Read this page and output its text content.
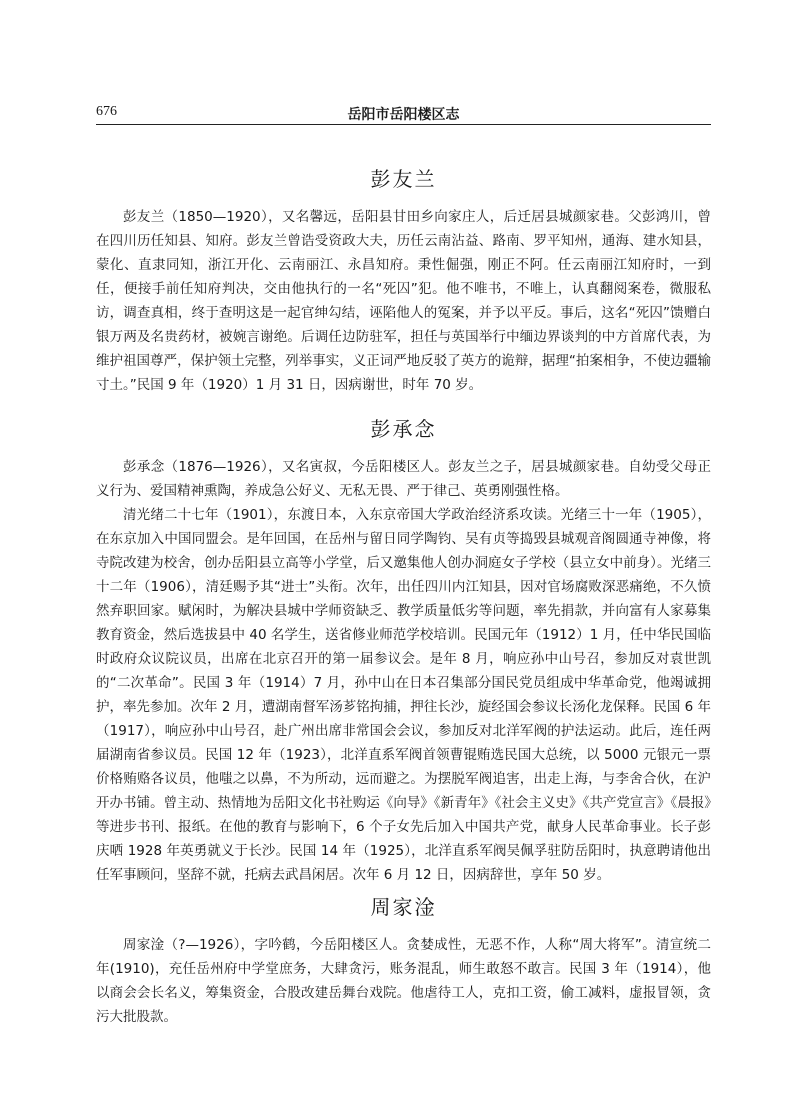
676	岳阳市岳阳楼区志
彭友兰

彭友兰（1850—1920），又名馨远，岳阳县甘田乡向家庄人，后迁居县城颜家巷。父彭鸿川，曾在四川历任知县、知府。彭友兰曾诰受资政大夫，历任云南沾益、路南、罗平知州，通海、建水知县，蒙化、直隶同知，浙江开化、云南丽江、永昌知府。秉性倔强，刚正不阿。任云南丽江知府时，一到任，便接手前任知府判决，交由他执行的一名“死囚”犯。他不唯书，不唯上，认真翻阅案卷，微服私访，调查真相，终于查明这是一起官绅勾结，诬陷他人的冤案，并予以平反。事后，这名“死囚”馈赠白银万两及名贵药材，被婉言谢绝。后调任边防驻军，担任与英国举行中缅边界谈判的中方首席代表，为维护祖国尊严，保护领土完整，列举事实，义正词严地反驳了英方的诡辩，据理“拍案相争，不使边疆输寸土。”民国 9 年（1920）1 月 31 日，因病谢世，时年 70 岁。

彭承念

彭承念（1876—1926），又名寅叔，今岳阳楼区人。彭友兰之子，居县城颜家巷。自幼受父母正义行为、爱国精神熏陶，养成急公好义、无私无畏、严于律己、英勇刚强性格。

清光绪二十七年（1901），东渡日本，入东京帝国大学政治经济系攻读。光绪三十一年（1905），在东京加入中国同盟会。是年回国，在岳州与留日同学陶钧、吴有贞等捣毁县城观音阁圆通寺神像，将寺院改建为校舍，创办岳阳县立高等小学堂，后又邀集他人创办洞庭女子学校（县立女中前身）。光绪三十二年（1906），清廷赐予其“进士”头衔。次年，出任四川内江知县，因对官场腐败深恶痛绝，不久愤然弃职回家。赋闲时，为解决县城中学师资缺乏、教学质量低劣等问题，率先捐款，并向富有人家募集教育资金，然后选拔县中 40 名学生，送省修业师范学校培训。民国元年（1912）1 月，任中华民国临时政府众议院议员，出席在北京召开的第一届参议会。是年 8 月，响应孙中山号召，参加反对袁世凯的“二次革命”。民国 3 年（1914）7 月，孙中山在日本召集部分国民党员组成中华革命党，他竭诚拥护，率先参加。次年 2 月，遭湖南督军汤芗铭拘捕，押往长沙，旋经国会参议长汤化龙保释。民国 6 年（1917），响应孙中山号召，赴广州出席非常国会会议，参加反对北洋军阀的护法运动。此后，连任两届湖南省参议员。民国 12 年（1923），北洋直系军阀首领曹锟贿选民国大总统，以 5000 元银元一票价格贿赂各议员，他嗤之以鼻，不为所动，远而避之。为摆脱军阀追害，出走上海，与李舍合伙，在沪开办书铺。曾主动、热情地为岳阳文化书社购运《向导》《新青年》《社会主义史》《共产党宣言》《晨报》等进步书刊、报纸。在他的教育与影响下，6 个子女先后加入中国共产党，献身人民革命事业。长子彭庆哂 1928 年英勇就义于长沙。民国 14 年（1925），北洋直系军阀吴佩孚驻防岳阳时，执意聘请他出任军事顾问，坚辞不就，托病去武昌闲居。次年 6 月 12 日，因病辞世，享年 50 岁。

周家淦

周家淦（?—1926），字吟鹤，今岳阳楼区人。贪婪成性，无恶不作，人称“周大将军”。清宣统二年(1910)，充任岳州府中学堂庶务，大肆贪污，账务混乱，师生敢怒不敢言。民国 3 年（1914），他以商会会长名义，筹集资金，合股改建岳舞台戏院。他虐待工人，克扣工资，偷工减料，虚报冒领，贪污大批股款。
